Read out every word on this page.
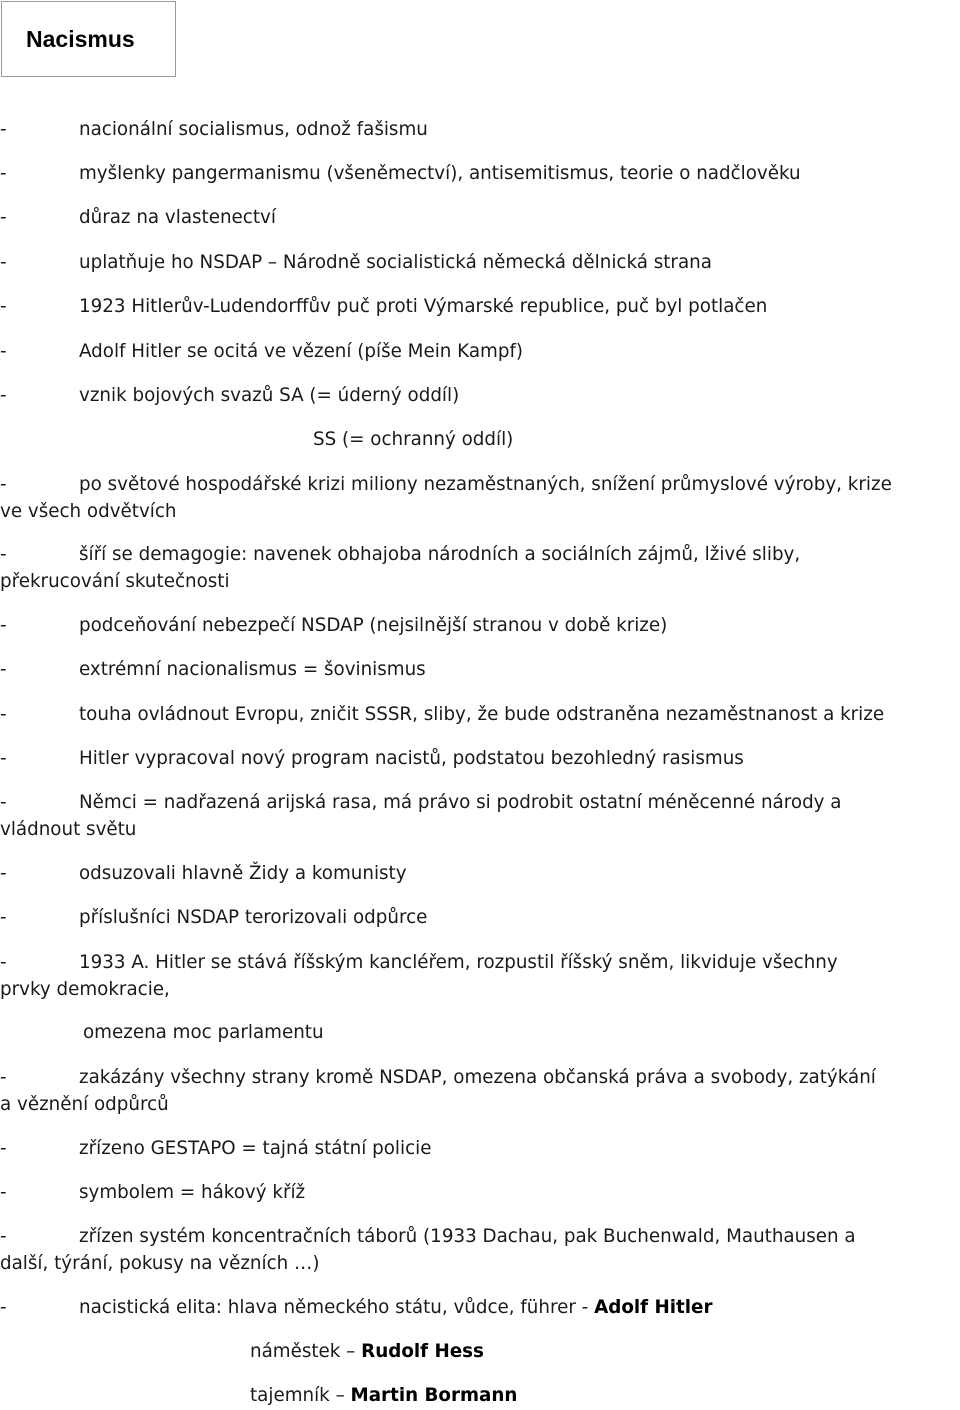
Nacismus
-	nacionální socialismus, odnož fašismu
-	myšlenky pangermanismu (všeněmectví), antisemitismus, teorie o nadčlověku
-	důraz na vlastenectví
-	uplatňuje ho NSDAP – Národně socialistická německá dělnická strana
-	1923 Hitlerův-Ludendorffův puč proti Výmarské republice, puč byl potlačen
-	Adolf Hitler se ocitá ve vězení (píše Mein Kampf)
-	vznik bojových svazů SA (= úderný oddíl)
SS (= ochranný oddíl)
-	po světové hospodářské krizi miliony nezaměstnaných, snížení průmyslové výroby, krize
ve všech odvětvích
-	šíří se demagogie: navenek obhajoba národních a sociálních zájmů, lživé sliby,
překrucování skutečnosti
-	podceňování nebezpečí NSDAP (nejsilnější stranou v době krize)
-	extrémní nacionalismus = šovinismus
-	touha ovládnout Evropu, zničit SSSR, sliby, že bude odstraněna nezaměstnanost a krize
-	Hitler vypracoval nový program nacistů, podstatou bezohledný rasismus
-	Němci = nadřazená arijská rasa, má právo si podrobit ostatní méněcenné národy a
vládnout světu
-	odsuzovali hlavně Židy a komunisty
-	příslušníci NSDAP terorizovali odpůrce
-	1933 A. Hitler se stává říšským kancléřem, rozpustil říšský sněm, likviduje všechny
prvky demokracie,
omezena moc parlamentu
-	zakázány všechny strany kromě NSDAP, omezena občanská práva a svobody, zatýkání
a věznění odpůrců
-	zřízeno GESTAPO = tajná státní policie
-	symbolem = hákový kříž
-	zřízen systém koncentračních táborů (1933 Dachau, pak Buchenwald, Mauthausen a
další, týrání, pokusy na vězních …)
-	nacistická elita: hlava německého státu, vůdce, führer - Adolf Hitler
náměstek – Rudolf Hess
tajemník – Martin Bormann
